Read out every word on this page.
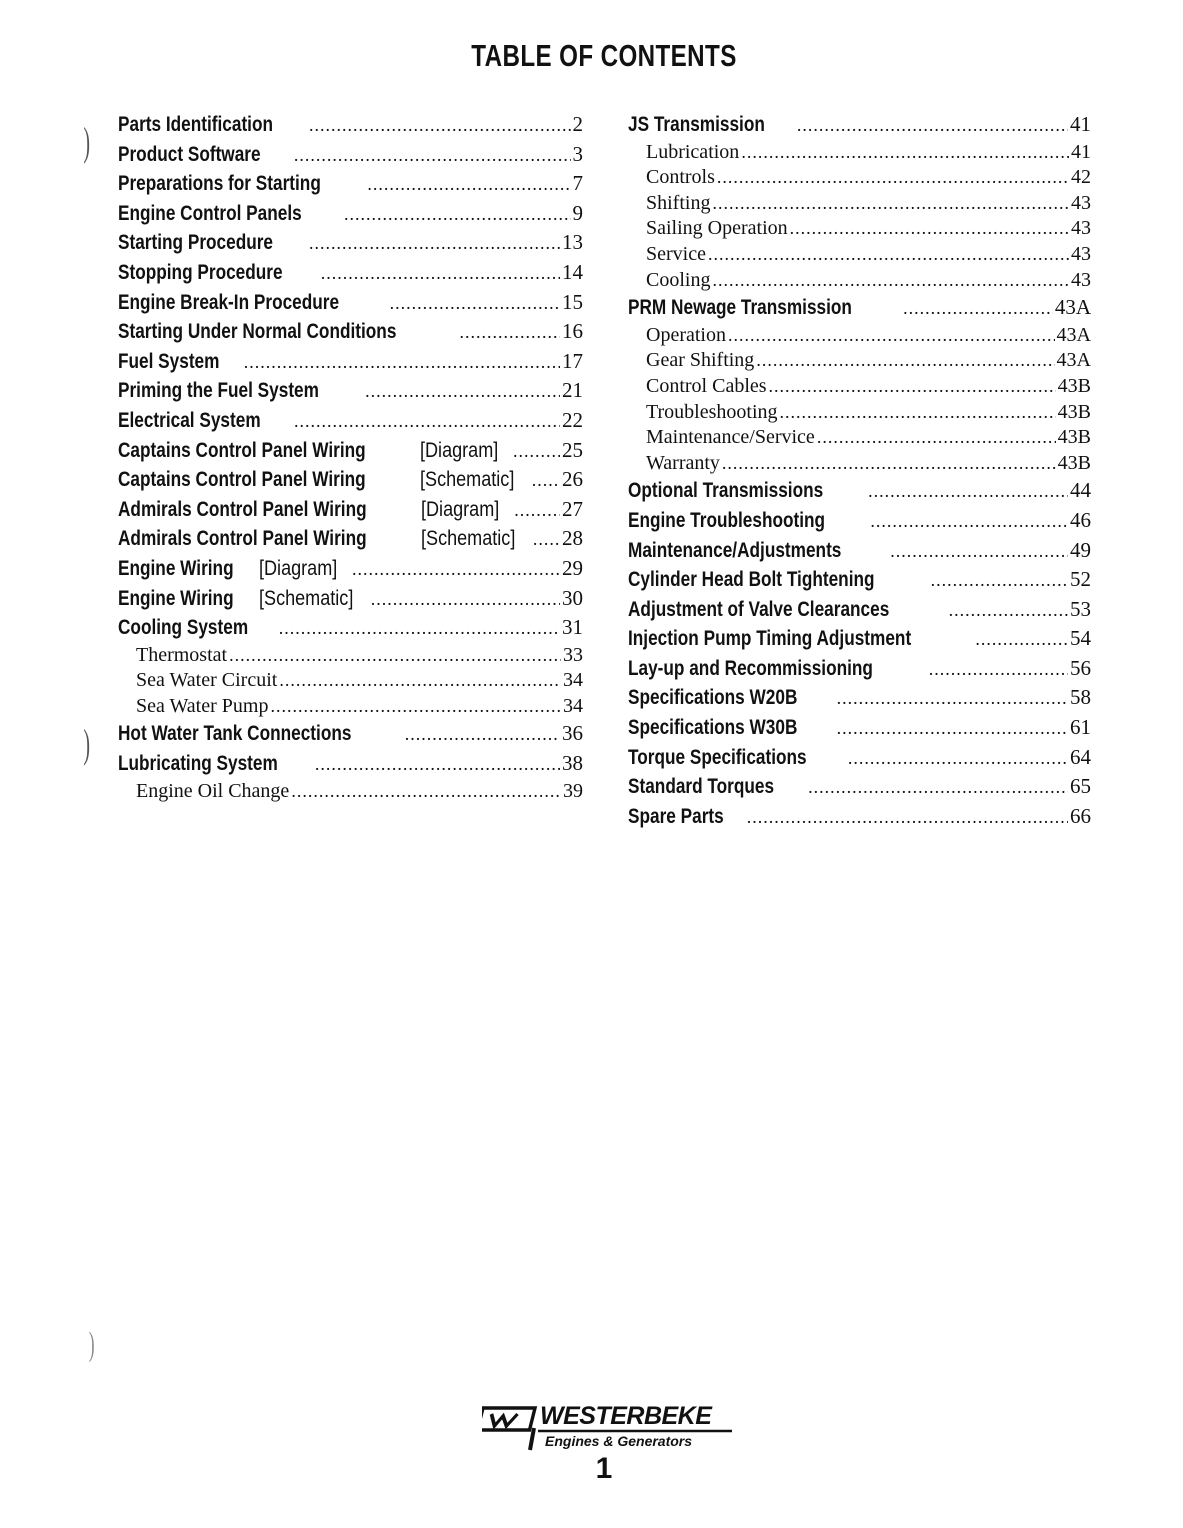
TABLE OF CONTENTS
Parts Identification .....	2
Product Software .....	3
Preparations for Starting .....	7
Engine Control Panels .....	9
Starting Procedure .....	13
Stopping Procedure .....	14
Engine Break-In Procedure .....	15
Starting Under Normal Conditions .....	16
Fuel System .....	17
Priming the Fuel System .....	21
Electrical System .....	22
Captains Control Panel Wiring	[Diagram] .....	25
Captains Control Panel Wiring	[Schematic] .....	26
Admirals Control Panel Wiring	[Diagram] .....	27
Admirals Control Panel Wiring	[Schematic] .....	28
Engine Wiring[Diagram] .....	29
Engine Wiring[Schematic] .....	30
Cooling System .....	31
Thermostat .....	33
Sea Water Circuit .....	34
Sea Water Pump .....	34
Hot Water Tank Connections .....	36
Lubricating System .....	38
Engine Oil Change .....	39
JS Transmission .....	41
Lubrication .....	41
Controls .....	42
Shifting .....	43
Sailing Operation .....	43
Service .....	43
Cooling .....	43
PRM Newage Transmission .....	43A
Operation .....	43A
Gear Shifting .....	43A
Control Cables .....	43B
Troubleshooting .....	43B
Maintenance/Service .....	43B
Warranty .....	43B
Optional Transmissions .....	44
Engine Troubleshooting .....	46
Maintenance/Adjustments .....	49
Cylinder Head Bolt Tightening .....	52
Adjustment of Valve Clearances .....	53
Injection Pump Timing Adjustment .....	54
Lay-up and Recommissioning .....	56
Specifications W20B .....	58
Specifications W30B .....	61
Torque Specifications .....	64
Standard Torques .....	65
Spare Parts .....	66
)
)
)
WESTERBEKE
Engines & Generators
1
